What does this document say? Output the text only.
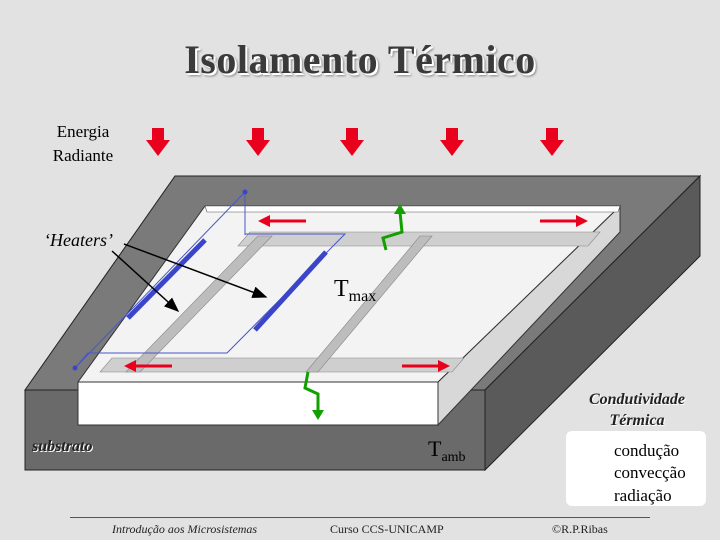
Isolamento Térmico
Energia
Radiante
‘Heaters’
$T_{max}$
$T_{amb}$
substrato
Condutividade
Térmica
condução
convecção
radiação
Introdução aos Microsistemas	Curso CCS-UNICAMP	©R.P.Ribas
